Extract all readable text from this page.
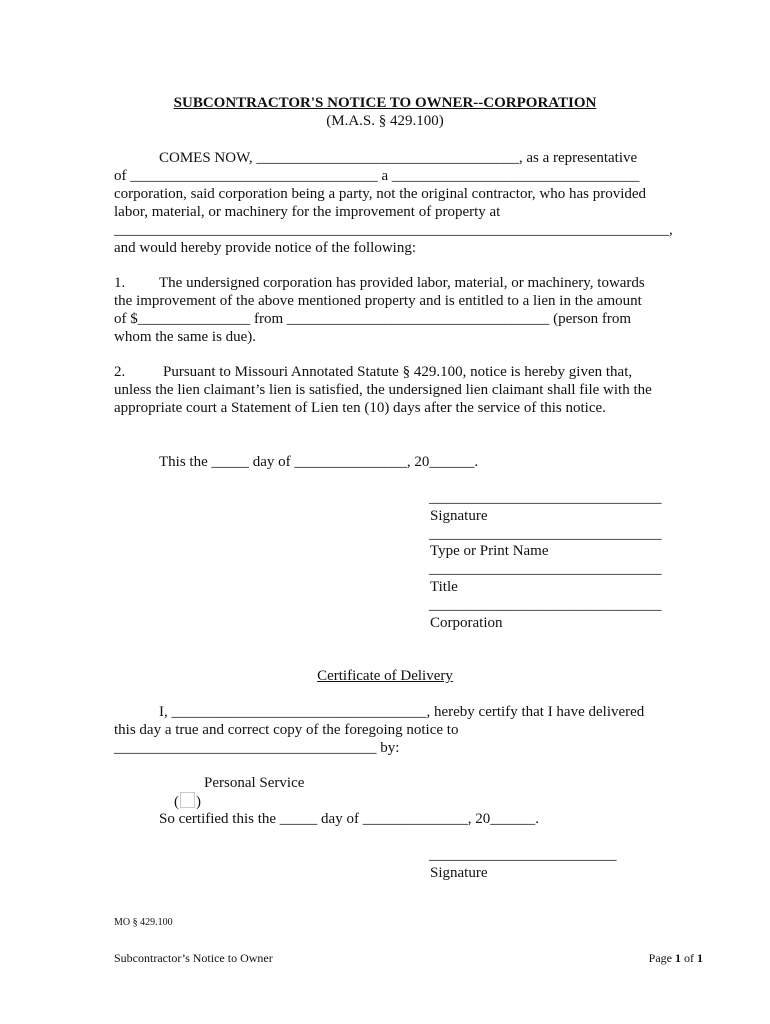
SUBCONTRACTOR'S NOTICE TO OWNER--CORPORATION
(M.A.S. § 429.100)
COMES NOW, ___________________________________, as a representative
of _________________________________ a _________________________________
corporation, said corporation being a party, not the original contractor, who has provided
labor, material, or machinery for the improvement of property at
__________________________________________________________________________,
and would hereby provide notice of the following:
1. The undersigned corporation has provided labor, material, or machinery, towards
the improvement of the above mentioned property and is entitled to a lien in the amount
of $_______________ from ___________________________________ (person from
whom the same is due).
2.	Pursuant to Missouri Annotated Statute § 429.100, notice is hereby given that,
unless the lien claimant’s lien is satisfied, the undersigned lien claimant shall file with the
appropriate court a Statement of Lien ten (10) days after the service of this notice.
This the _____ day of _______________, 20______.
_______________________________
Signature
_______________________________
Type or Print Name
_______________________________
Title
_______________________________
Corporation
Certificate of Delivery
I, __________________________________, hereby certify that I have delivered
this day a true and correct copy of the foregoing notice to
___________________________________ by:

( )

Personal Service
So certified this the _____ day of ______________, 20______.
_________________________
Signature
MO § 429.100
Subcontractor’s Notice to Owner	Page 1 of 1
